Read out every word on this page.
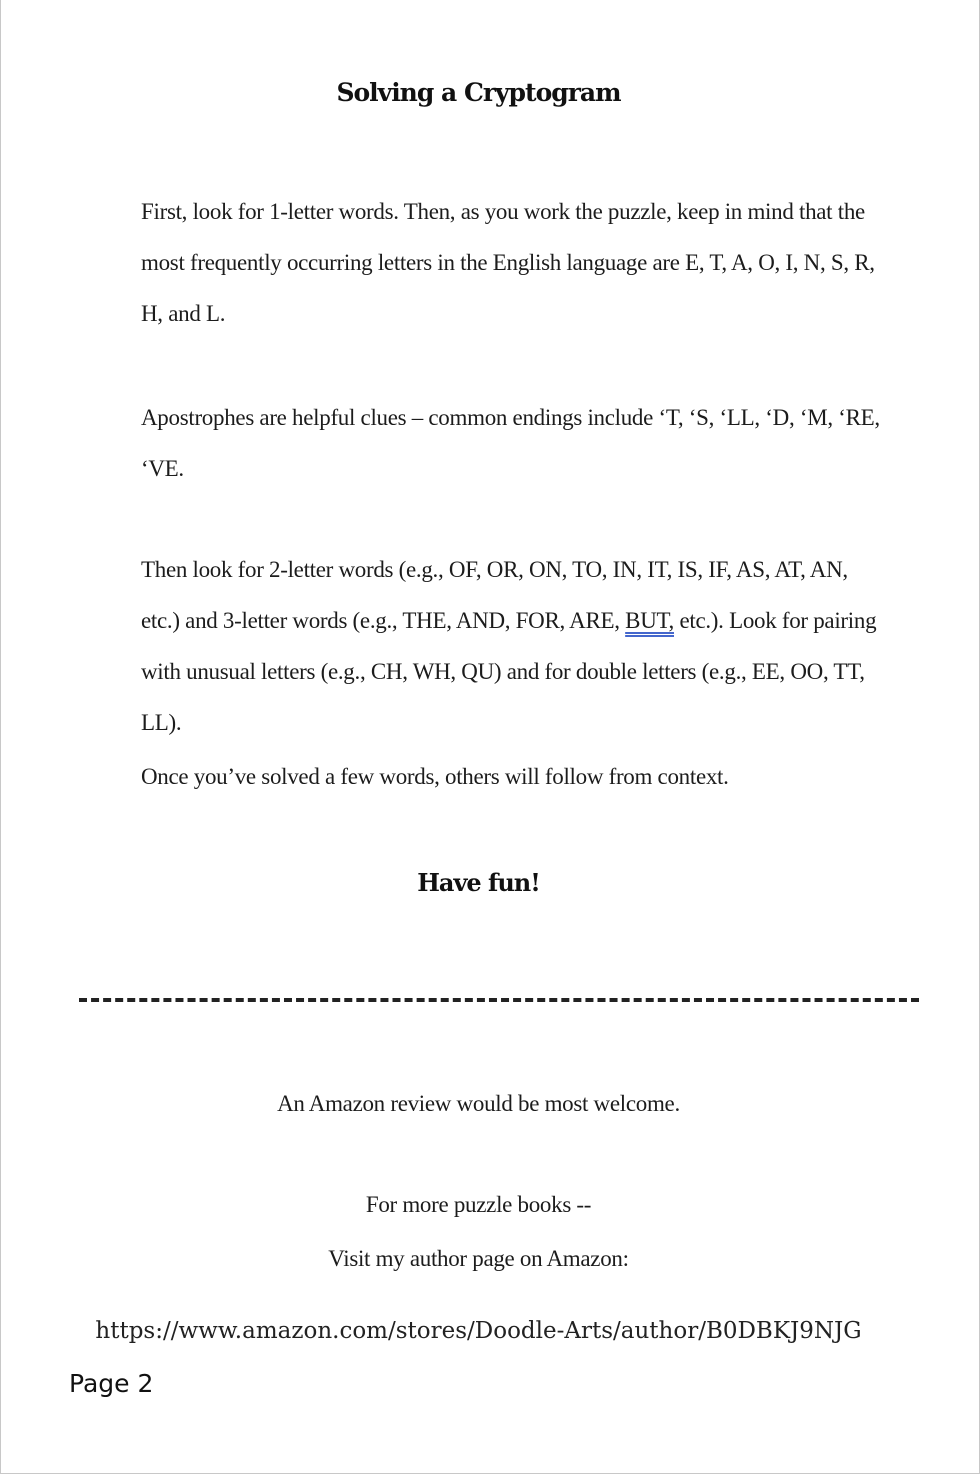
Solving a Cryptogram

First, look for 1-letter words. Then, as you work the puzzle, keep in mind that the most frequently occurring letters in the English language are E, T, A, O, I, N, S, R, H, and L.

Apostrophes are helpful clues – common endings include ‘T, ‘S, ‘LL, ‘D, ‘M, ‘RE, ‘VE.

Then look for 2-letter words (e.g., OF, OR, ON, TO, IN, IT, IS, IF, AS, AT, AN, etc.) and 3-letter words (e.g., THE, AND, FOR, ARE, BUT, etc.). Look for pairing with unusual letters (e.g., CH, WH, QU) and for double letters (e.g., EE, OO, TT, LL).

Once you’ve solved a few words, others will follow from context.

Have fun!
An Amazon review would be most welcome.
For more puzzle books --
Visit my author page on Amazon:
https://www.amazon.com/stores/Doodle-Arts/author/B0DBKJ9NJG
Page 2
